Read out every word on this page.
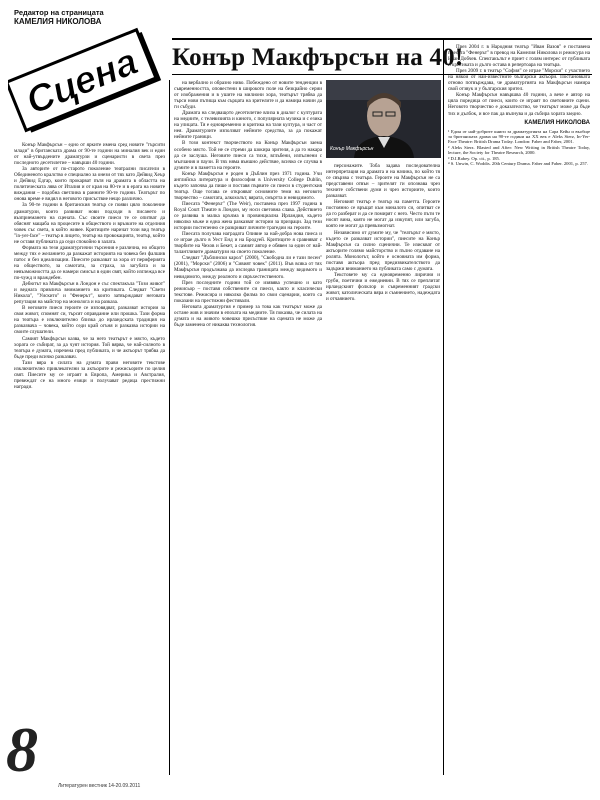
Редактор на страницата
КАМЕЛИЯ НИКОЛОВА
Сцена Конър Макфърсън на 40!

Конър Макфърсън – едно от ярките имена сред новите "гърсити млади" в британската драма от 90-те години на миналия век и един от най-утвърдените драматурзи и сценаристи в света през последното десетилетие – навърши 40 години.

За авторите от по-старото поколение театрални писатели в Обединеното кралство е специално за онези от тях като Дейвид Хеър и Дейвид Едгар, които прокарват пътя на драмата в областта на политическата лява от Италия и от края на 80-те и в ерата на новите виждания – подобна светлина в ранните 90-те години. Театърът по онова време е видял в неговото присъствие нещо различно.

За 90-те години в британския театър се появи цяло поколение драматурзи, които развиват нови подходи в писането и възприемането на сцената. Със своите пиеси те се опитват да обяснят мащаба на процесите в обществото и връзките на отделния човек със света, в който живее. Критиците наричат този вид театър "in-yer-face" – театър в лицето, театър на провокацията, театър, който не оставя публиката да седи спокойно в залата.

Формата на тези драматургични търсения е различна, но общото между тях е желанието да разкажат историята на човека без фалшив патос и без идеализации. Пиесите разказват за хора от периферията на обществото, за самотата, за страха, за загубата и за невъзможността да се намери смисъл в един свят, който изглежда все по-чужд и враждебен.

Дебютът на Макфърсън в Лондон е със спектакъла "Този живот" и веднага привлича вниманието на критиката. Следват "Свети Никола", "Уискито" и "Фенерът", които затвърждават неговата репутация на майстор на монолога и на разказа.

В неговите пиеси героите се изповядват, разказват истории за своя живот, спомнят си, търсят оправдание или прошка. Тази форма на театъра е изключително близка до ирландската традиция на разказвача – човека, който седи край огъня и разказва истории на своите слушатели.

Самият Макфърсън казва, че за него театърът е място, където хората се събират, за да чуят история. Той вярва, че най-силното в театъра е думата, изречена пред публиката, и че актьорът трябва да бъде преди всичко разказвач.

Тази вяра в силата на думата прави неговите текстове изключително привлекателни за актьорите и режисьорите по целия свят. Пиесите му се играят в Европа, Америка и Австралия, превеждат се на много езици и получават редица престижни награди.

на вербално и образно ниво. Побеждено от новите тенденции в съвременността, оповестени в широкото поле на безкрайно серии от изображения и в ушите на милиони хора, театърът трябва да търси нови пътища към сърцата на зрителите и да намира начин да ги събуди.

Драмата на следващото десетилетие влиза в диалог с културата на медиите, с телевизията и киното, с популярната музика и с езика на улицата. Тя е едновременно и критика на тази култура, и част от нея. Драматурзите използват нейните средства, за да покажат нейните граници.

В този контекст творчеството на Конър Макфърсън заема особено място. Той не се стреми да шокира зрителя, а да го накара да се заслуша. Неговите пиеси са тихи, вглъбени, изпълнени с мълчания и паузи. В тях няма външно действие, всичко се случва в думите и в паметта на героите.

Конър Макфърсън е роден в Дъблин през 1971 година. Учи английска литература и философия в University College Dublin, където започва да пише и поставя първите си пиеси в студентския театър. Още тогава се открояват основните теми на неговото творчество – самотата, алкохолът, вярата, смъртта и невидимото.

Пиесата "Фенерът" (The Weir), поставена през 1997 година в Royal Court Theatre в Лондон, му носи световна слава. Действието се развива в малка кръчма в провинциална Ирландия, където няколко мъже и една жена разказват истории за призраци. Зад тези истории постепенно се разкриват личните трагедии на героите.

Пиесата получава наградата Оливие за най-добра нова пиеса и се играе дълго в Уест Енд и на Бродуей. Критиците я сравняват с творбите на Чехов и Бекет, а самият автор е обявен за един от най-талантливите драматурзи на своето поколение.

Следват "Дъблински карол" (2000), "Свободна ли е тази песен" (2001), "Морски" (2006) и "Сивият човек" (2011). Във всяка от тях Макфърсън продължава да изследва границата между видимото и невидимото, между реалното и свръхестественото.

През последните години той се изявява успешно и като режисьор – поставя собствените си пиеси, както и класически текстове. Режисира и няколко филма по свои сценарии, които са показани на престижни фестивали.

Неговата драматургия е пример за това как театърът може да остане жив и значим в епохата на медиите. Тя показва, че силата на думата и на живото човешко присъствие на сцената не може да бъде заменена от никаква технология.

Конър Макфърсън

персонажите. Тоба задава последователна интерпретация на драмата и на начина, по който тя се свързва с театъра. Героите на Макфърсън не са представени отвън – зрителят ги опознава чрез техните собствени думи и чрез историите, които разказват.

Неговият театър е театър на паметта. Героите постоянно се връщат към миналото си, опитват се да го разберат и да се помирят с него. Често пъти те носят вина, която не могат да изкупят, или загуба, която не могат да превъзмогнат.

Независимо от думите му, че "театърът е място, където се разказват истории", пиесите на Конър Макфърсън са силно сценични. Те изискват от актьорите голямо майсторство и пълно отдаване на ролята. Монологът, който е основната им форма, поставя актьора пред предизвикателството да задържи вниманието на публиката само с думата.

Текстовете му са едновременно лирични и груби, поетични и ежедневни. В тях се преплитат ирландският фолклор и съвременният градски живот, католическата вяра и съмнението, надеждата и отчаянието.

През 2004 г. в Народния театър "Иван Вазов" е поставена пиесата "Фенерът" в превод на Камелия Николова и режисура на Иван Добчев. Спектакълът е приет с голям интерес от публиката и критиката и дълго остава в репертоара на театъра.

През 2009 г. в театър "София" се играе "Морски" с участието на някои от най-известните български актьори. Постановката отново потвърждава, че драматургията на Макфърсън намира свой отзвук и у българския зрител.

Конър Макфърсън навършва 40 години, а вече е автор на цяла поредица от пиеси, които се играят по световните сцени. Неговото творчество е доказателство, че театърът може да бъде тих и дълбок, и все пак да вълнува и да събира хората заедно.

КАМЕЛИЯ НИКОЛОВА
¹ Един от най-добрите книги за драматургията на Сара Кейн и въобще за британската драма на 90-те години на ХХ век е Aleks Sierz, In-Yer-Face Theatre: British Drama Today. London: Faber and Faber, 2001.
² Aleks Sierz. Blasted and After: New Writing in British Theatre Today, lecture, the Society for Theatre Research, 2000.
³ D.I.Rabey. Op. cit., p. 185.
⁴ S. Unwin, C. Woddis. 20th Century Drama. Faber and Faber. 2001, p. 257.
8
Литературен вестник 14-20.09.2011
